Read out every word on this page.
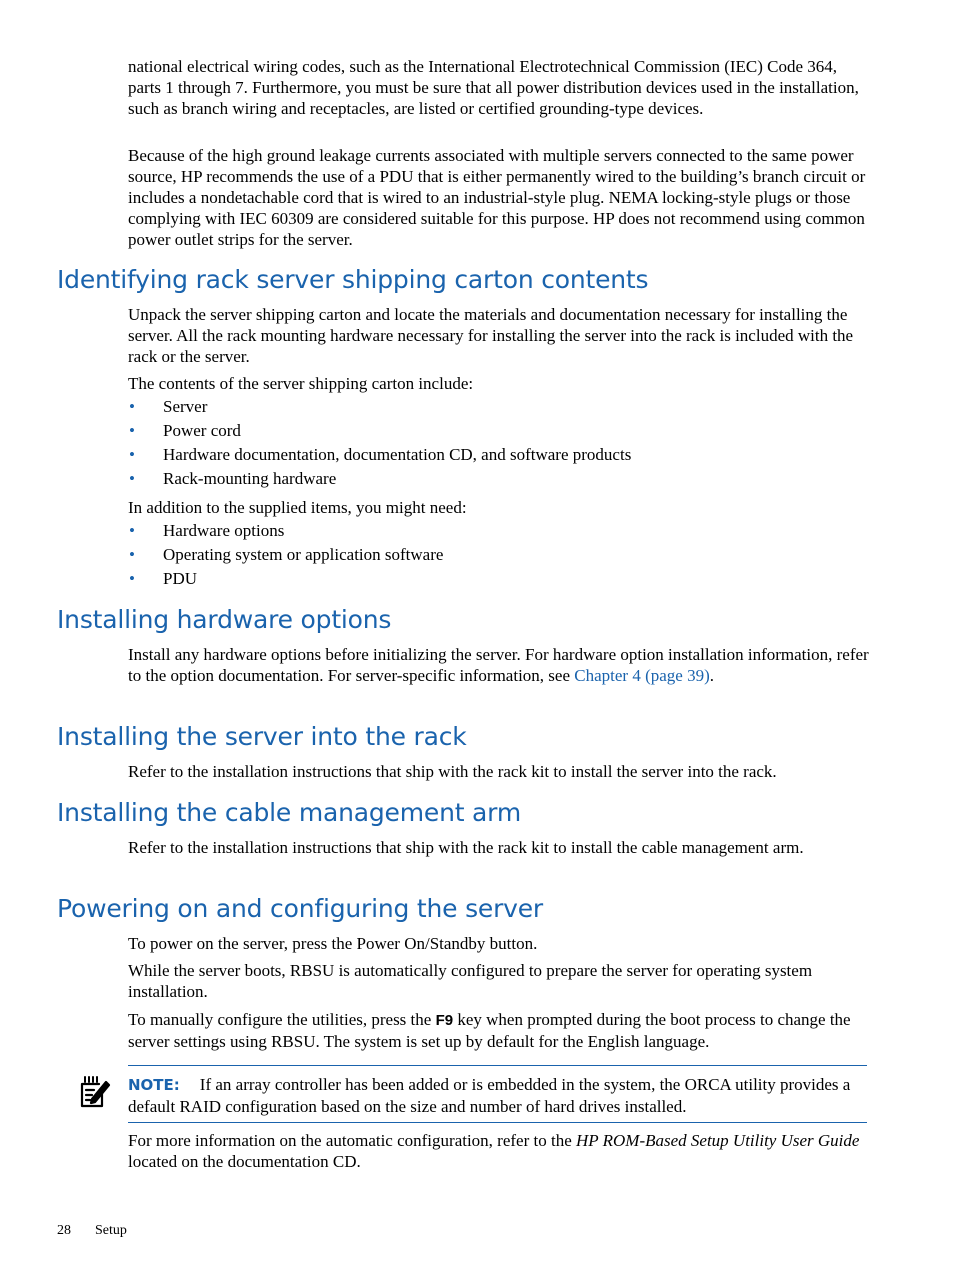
national electrical wiring codes, such as the International Electrotechnical Commission (IEC) Code 364, parts 1 through 7. Furthermore, you must be sure that all power distribution devices used in the installation, such as branch wiring and receptacles, are listed or certified grounding-type devices.

Because of the high ground leakage currents associated with multiple servers connected to the same power source, HP recommends the use of a PDU that is either permanently wired to the building’s branch circuit or includes a nondetachable cord that is wired to an industrial-style plug. NEMA locking-style plugs or those complying with IEC 60309 are considered suitable for this purpose. HP does not recommend using common power outlet strips for the server.

Identifying rack server shipping carton contents

Unpack the server shipping carton and locate the materials and documentation necessary for installing the server. All the rack mounting hardware necessary for installing the server into the rack is included with the rack or the server.

The contents of the server shipping carton include:

• Server
• Power cord
• Hardware documentation, documentation CD, and software products
• Rack-mounting hardware

In addition to the supplied items, you might need:

• Hardware options
• Operating system or application software
• PDU
Installing hardware options

Install any hardware options before initializing the server. For hardware option installation information, refer to the option documentation. For server-specific information, see Chapter 4 (page 39).

Installing the server into the rack

Refer to the installation instructions that ship with the rack kit to install the server into the rack.

Installing the cable management arm

Refer to the installation instructions that ship with the rack kit to install the cable management arm.

Powering on and configuring the server

To power on the server, press the Power On/Standby button.

While the server boots, RBSU is automatically configured to prepare the server for operating system installation.

To manually configure the utilities, press the F9 key when prompted during the boot process to change the server settings using RBSU. The system is set up by default for the English language.

NOTE: If an array controller has been added or is embedded in the system, the ORCA utility provides a default RAID configuration based on the size and number of hard drives installed.

For more information on the automatic configuration, refer to the HP ROM-Based Setup Utility User Guide located on the documentation CD.

28 Setup
